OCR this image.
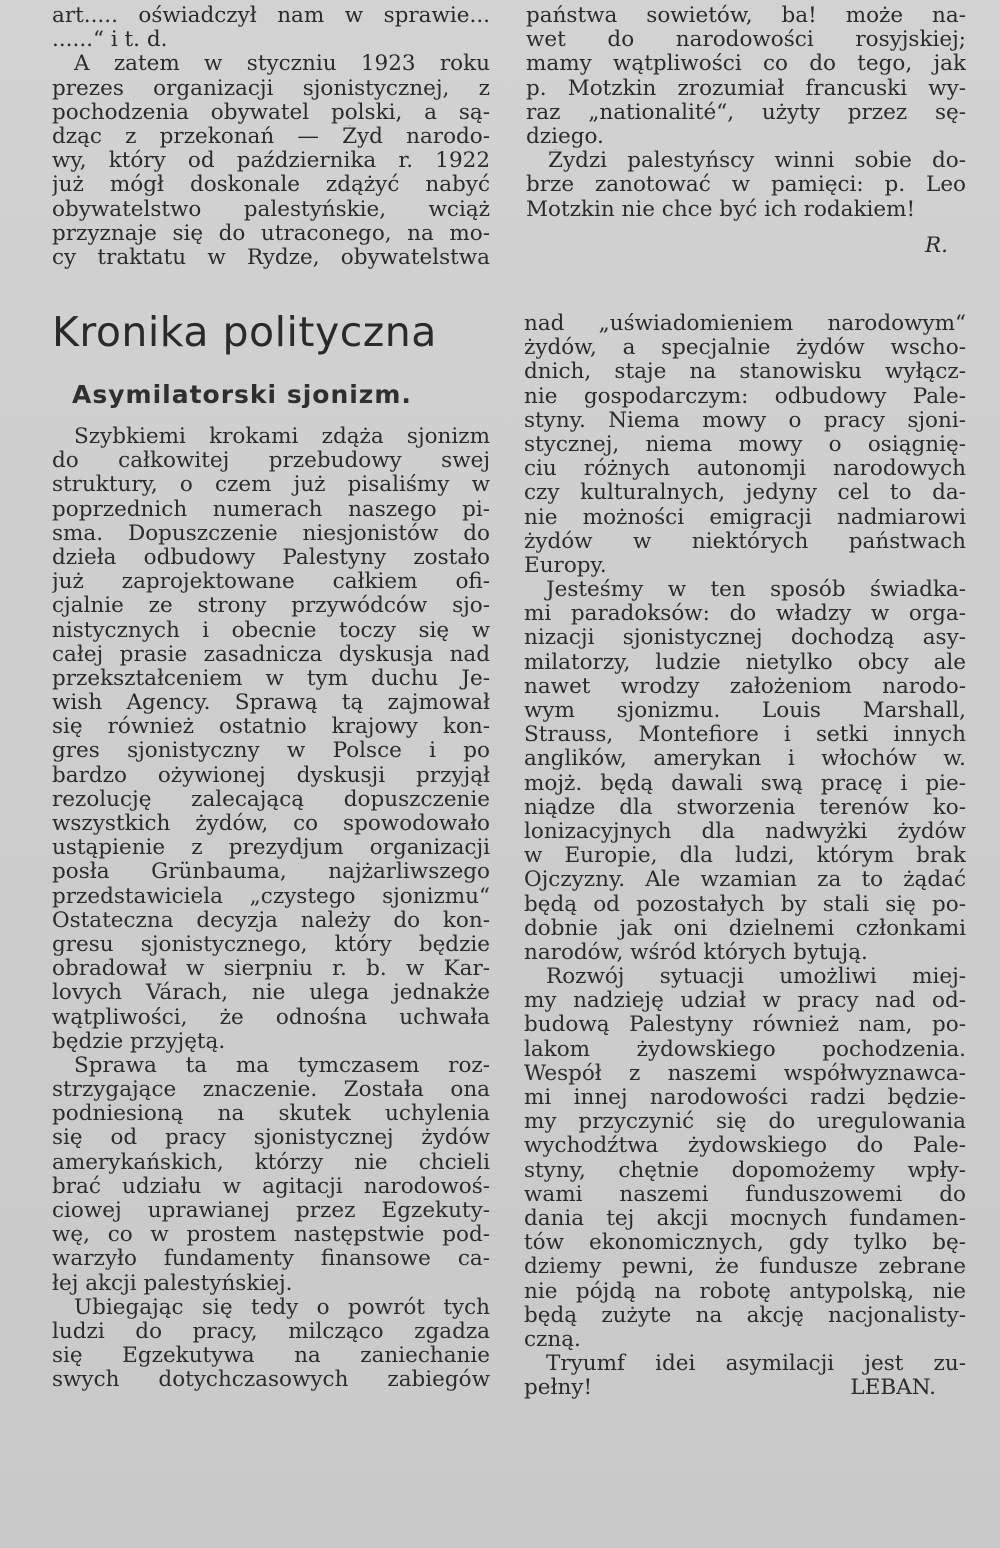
art..... oświadczył nam w sprawie...
......“ i t. d.
A zatem w styczniu 1923 roku
prezes organizacji sjonistycznej, z
pochodzenia obywatel polski, a są-
dząc z przekonań — Żyd narodo-
wy, który od października r. 1922
już mógł doskonale zdążyć nabyć
obywatelstwo palestyńskie, wciąż
przyznaje się do utraconego, na mo-
cy traktatu w Rydze, obywatelstwa
państwa sowietów, ba! może na-
wet do narodowości rosyjskiej;
mamy wątpliwości co do tego, jak
p. Motzkin zrozumiał francuski wy-
raz „nationalité“, użyty przez sę-
dziego.
Żydzi palestyńscy winni sobie do-
brze zanotować w pamięci: p. Leo
Motzkin nie chce być ich rodakiem!
R.
Kronika polityczna
Asymilatorski sjonizm.
Szybkiemi krokami zdąża sjonizm
do całkowitej przebudowy swej
struktury, o czem już pisaliśmy w
poprzednich numerach naszego pi-
sma. Dopuszczenie niesjonistów do
dzieła odbudowy Palestyny zostało
już zaprojektowane całkiem ofi-
cjalnie ze strony przywódców sjo-
nistycznych i obecnie toczy się w
całej prasie zasadnicza dyskusja nad
przekształceniem w tym duchu Je-
wish Agency. Sprawą tą zajmował
się również ostatnio krajowy kon-
gres sjonistyczny w Polsce i po
bardzo ożywionej dyskusji przyjął
rezolucję zalecającą dopuszczenie
wszystkich żydów, co spowodowało
ustąpienie z prezydjum organizacji
posła Grünbauma, najżarliwszego
przedstawiciela „czystego sjonizmu“
Ostateczna decyzja należy do kon-
gresu sjonistycznego, który będzie
obradował w sierpniu r. b. w Kar-
lovych Várach, nie ulega jednakże
wątpliwości, że odnośna uchwała
będzie przyjętą.
Sprawa ta ma tymczasem roz-
strzygające znaczenie. Została ona
podniesioną na skutek uchylenia
się od pracy sjonistycznej żydów
amerykańskich, którzy nie chcieli
brać udziału w agitacji narodowoś-
ciowej uprawianej przez Egzekuty-
wę, co w prostem następstwie pod-
warzyło fundamenty finansowe ca-
łej akcji palestyńskiej.
Ubiegając się tedy o powrót tych
ludzi do pracy, milcząco zgadza
się Egzekutywa na zaniechanie
swych dotychczasowych zabiegów
nad „uświadomieniem narodowym“
żydów, a specjalnie żydów wscho-
dnich, staje na stanowisku wyłącz-
nie gospodarczym: odbudowy Pale-
styny. Niema mowy o pracy sjoni-
stycznej, niema mowy o osiągnię-
ciu różnych autonomji narodowych
czy kulturalnych, jedyny cel to da-
nie możności emigracji nadmiarowi
żydów w niektórych państwach
Europy.
Jesteśmy w ten sposób świadka-
mi paradoksów: do władzy w orga-
nizacji sjonistycznej dochodzą asy-
milatorzy, ludzie nietylko obcy ale
nawet wrodzy założeniom narodo-
wym sjonizmu. Louis Marshall,
Strauss, Montefiore i setki innych
anglików, amerykan i włochów w.
mojż. będą dawali swą pracę i pie-
niądze dla stworzenia terenów ko-
lonizacyjnych dla nadwyżki żydów
w Europie, dla ludzi, którym brak
Ojczyzny. Ale wzamian za to żądać
będą od pozostałych by stali się po-
dobnie jak oni dzielnemi członkami
narodów, wśród których bytują.
Rozwój sytuacji umożliwi miej-
my nadzieję udział w pracy nad od-
budową Palestyny również nam, po-
lakom żydowskiego pochodzenia.
Wespół z naszemi współwyznawca-
mi innej narodowości radzi będzie-
my przyczynić się do uregulowania
wychodźtwa żydowskiego do Pale-
styny, chętnie dopomożemy wpły-
wami naszemi funduszowemi do
dania tej akcji mocnych fundamen-
tów ekonomicznych, gdy tylko bę-
dziemy pewni, że fundusze zebrane
nie pójdą na robotę antypolską, nie
będą zużyte na akcję nacjonalisty-
czną.
Tryumf idei asymilacji jest zu-
pełny!	LEBAN.
